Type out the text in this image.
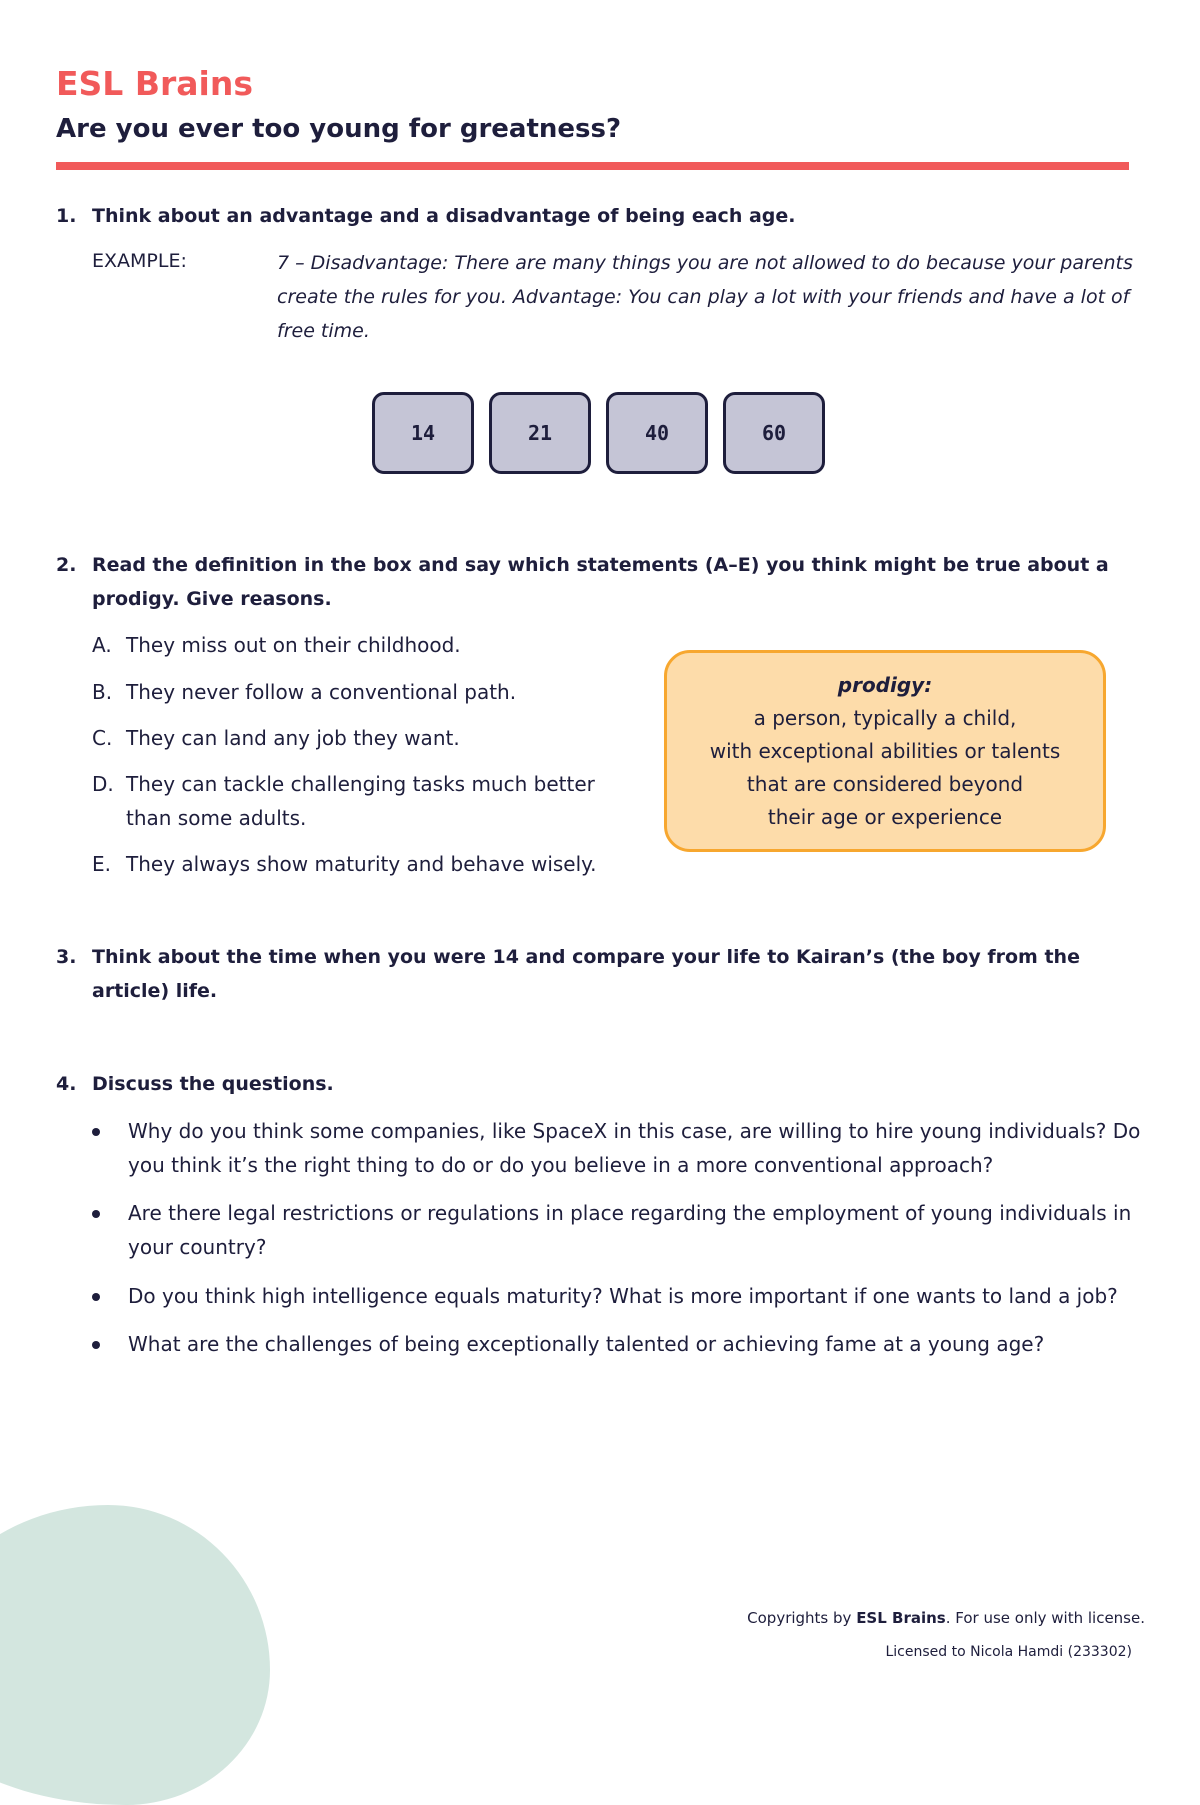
ESL Brains
Are you ever too young for greatness?
1. Think about an advantage and a disadvantage of being each age.
EXAMPLE:	7 – Disadvantage: There are many things you are not allowed to do because your parents create the rules for you. Advantage: You can play a lot with your friends and have a lot of free time.
14	21	40	60
2. Read the definition in the box and say which statements (A–E) you think might be true about a prodigy. Give reasons.
A. They miss out on their childhood.
B. They never follow a conventional path.
C. They can land any job they want.
D. They can tackle challenging tasks much better than some adults.
E. They always show maturity and behave wisely.
prodigy:
a person, typically a child,
with exceptional abilities or talents
that are considered beyond
their age or experience
3. Think about the time when you were 14 and compare your life to Kairan’s (the boy from the article) life.
4. Discuss the questions.
Why do you think some companies, like SpaceX in this case, are willing to hire young individuals? Do you think it’s the right thing to do or do you believe in a more conventional approach?
Are there legal restrictions or regulations in place regarding the employment of young individuals in your country?
Do you think high intelligence equals maturity? What is more important if one wants to land a job?
What are the challenges of being exceptionally talented or achieving fame at a young age?
Copyrights by ESL Brains. For use only with license.
Licensed to Nicola Hamdi (233302)
